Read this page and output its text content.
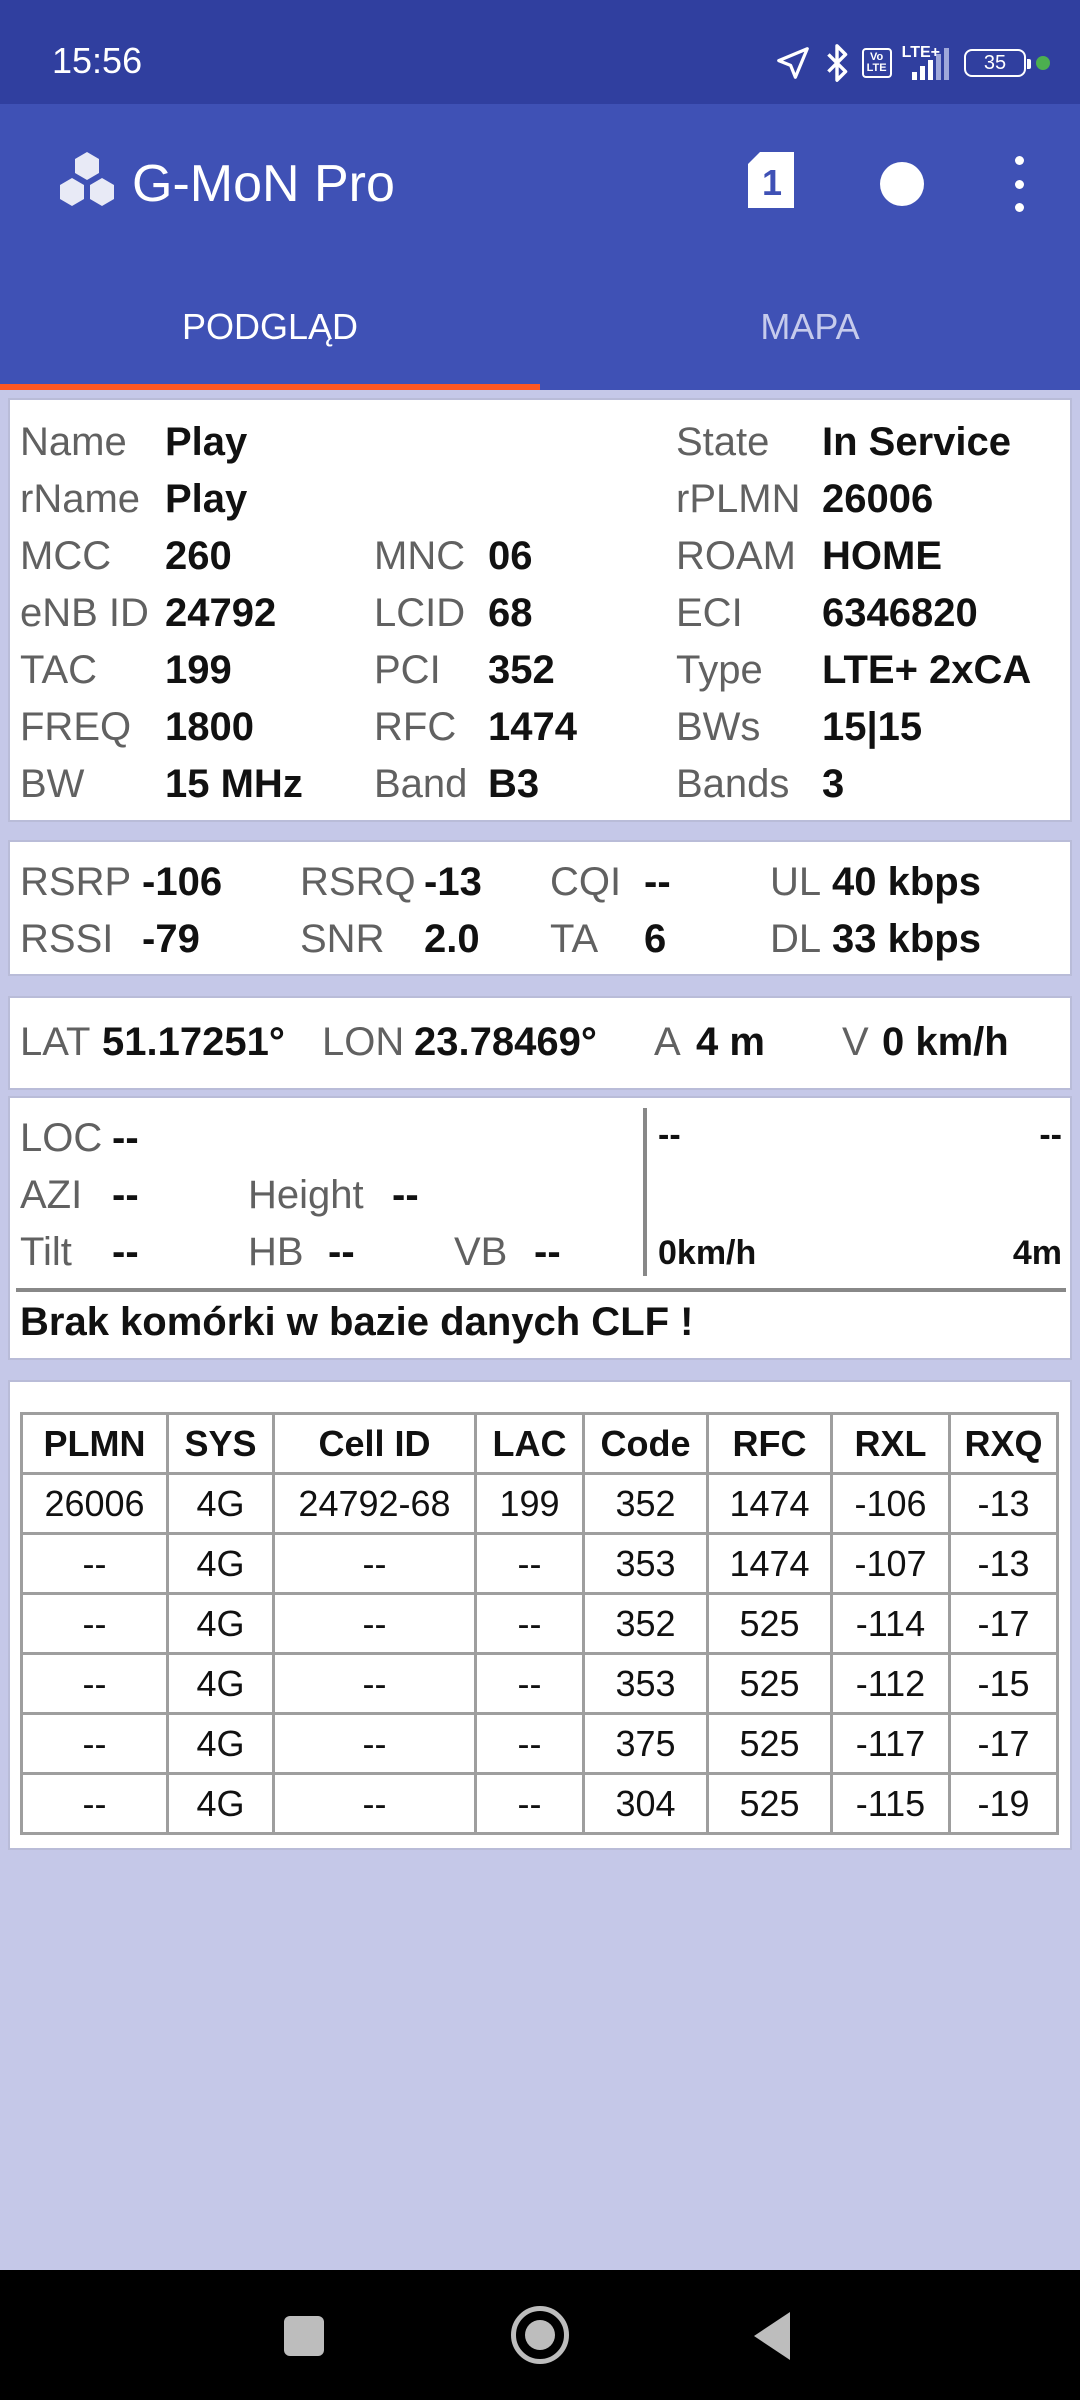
15:56	Vo
LTE
LTE+	35
G-MoN Pro	1
PODGLĄD	MAPA
Name Play	State In Service
rName Play	rPLMN 26006
MCC 260	MNC 06	ROAM HOME
eNB ID 24792 LCID 68	ECI 6346820
TAC 199	PCI 352	Type LTE+ 2xCA
FREQ 1800	RFC 1474 BWs 15|15
BW 15 MHz Band B3	Bands 3
RSRP -106 RSRQ -13 CQI -- UL 40 kbps
RSSI -79	SNR 2.0 TA 6	DL 33 kbps
LAT 51.17251° LON 23.78469° A 4 m V 0 km/h
LOC --
AZI --	Height --
Tilt --	HB -- VB --
--	--
0km/h	4m
Brak komórki w bazie danych CLF !
PLMN	SYS	Cell ID	LAC	Code	RFC	RXL	RXQ
26006	4G	24792-68	199	352	1474	-106	-13
--	4G	--	--	353	1474	-107	-13
--	4G	--	--	352	525	-114	-17
--	4G	--	--	353	525	-112	-15
--	4G	--	--	375	525	-117	-17
--	4G	--	--	304	525	-115	-19
